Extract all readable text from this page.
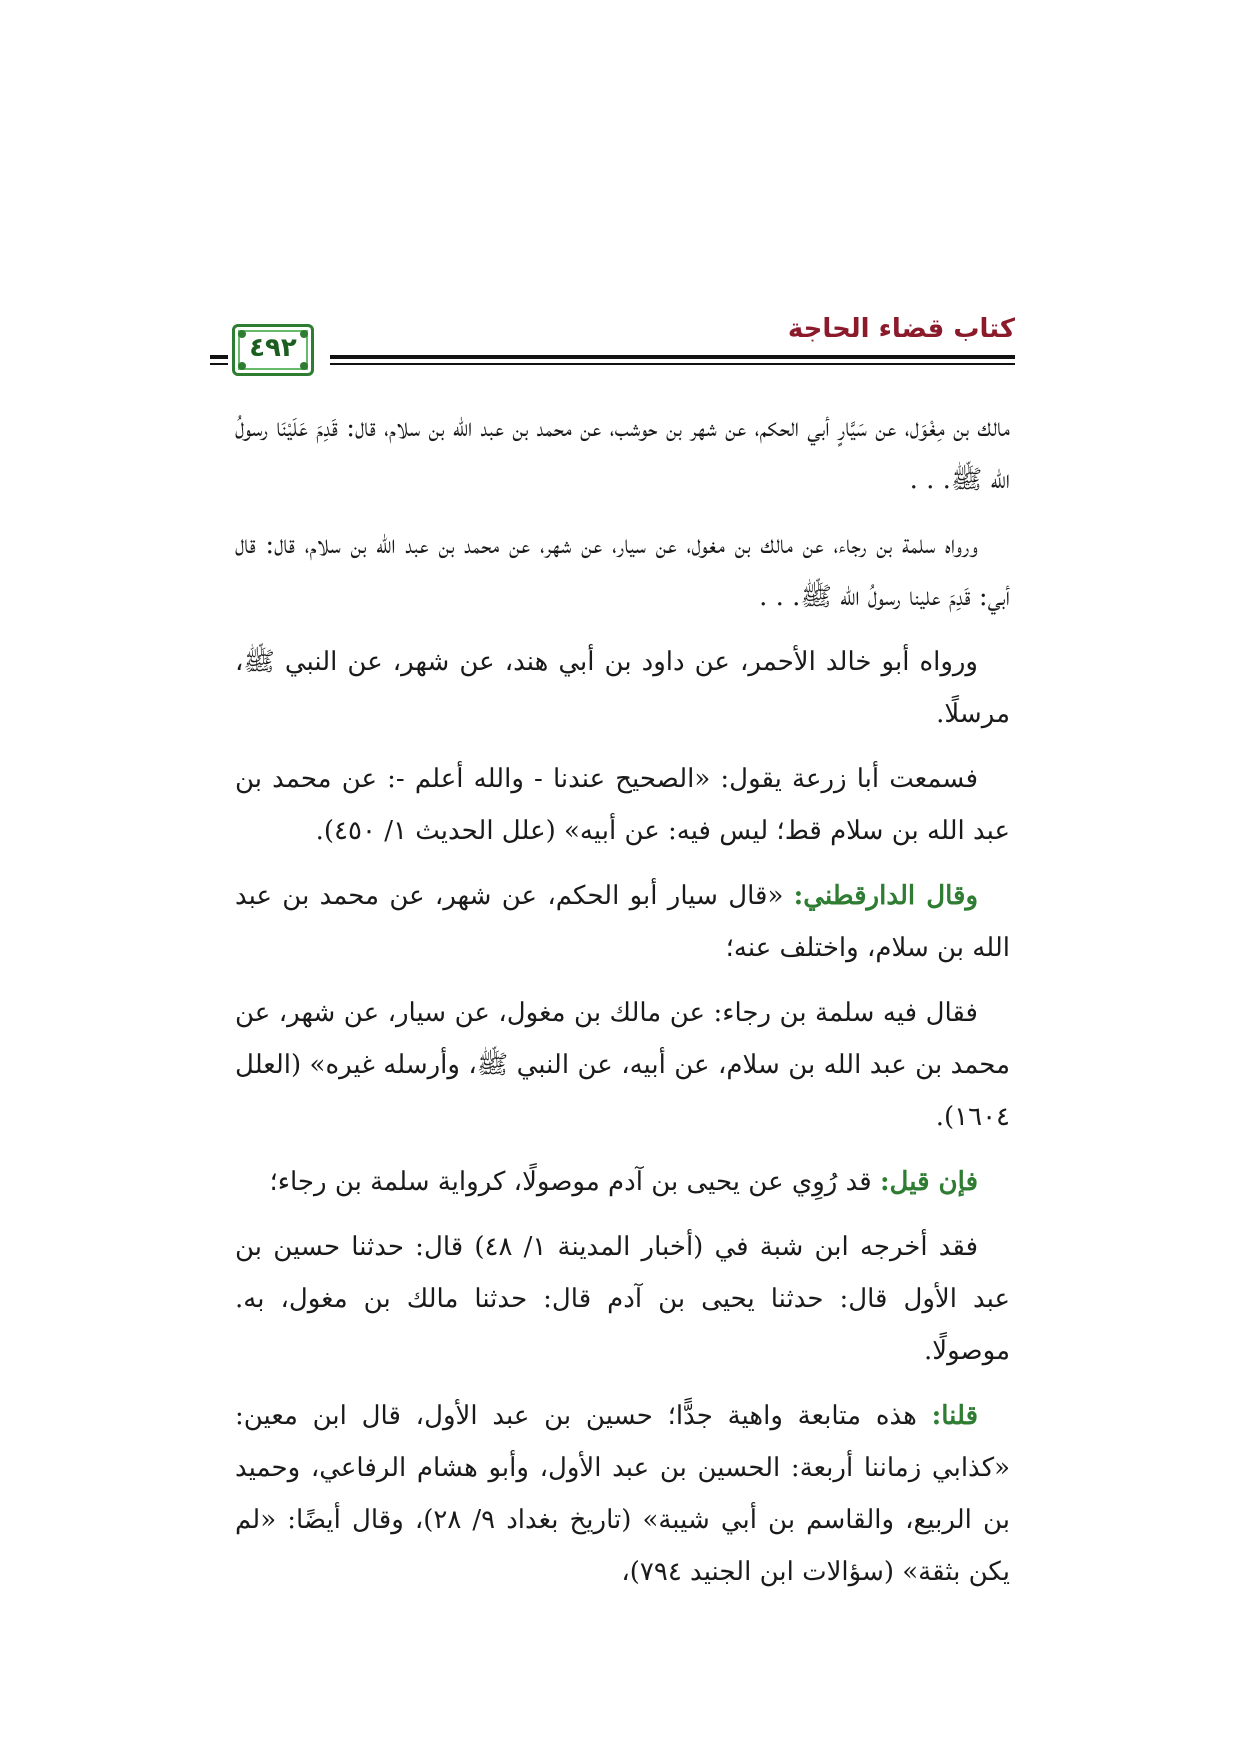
٤٩٢
كتاب قضاء الحاجة

مالك بن مِغْوَل، عن سَيَّارٍ أبي الحكم، عن شهر بن حوشب، عن محمد بن عبد الله بن سلام، قال: قَدِمَ عَلَيْنَا رسولُ الله ﷺ. . .

ورواه سلمة بن رجاء، عن مالك بن مغول، عن سيار، عن شهر، عن محمد بن عبد الله بن سلام، قال: قال أبي: قَدِمَ علينا رسولُ الله ﷺ. . .

ورواه أبو خالد الأحمر، عن داود بن أبي هند، عن شهر، عن النبي ﷺ، مرسلًا.

فسمعت أبا زرعة يقول: «الصحيح عندنا - والله أعلم -: عن محمد بن عبد الله بن سلام قط؛ ليس فيه: عن أبيه» (علل الحديث ١/ ٤٥٠).

وقال الدارقطني: «قال سيار أبو الحكم، عن شهر، عن محمد بن عبد الله بن سلام، واختلف عنه؛

فقال فيه سلمة بن رجاء: عن مالك بن مغول، عن سيار، عن شهر، عن محمد بن عبد الله بن سلام، عن أبيه، عن النبي ﷺ، وأرسله غيره» (العلل ١٦٠٤).

فإن قيل: قد رُوِي عن يحيى بن آدم موصولًا، كرواية سلمة بن رجاء؛

فقد أخرجه ابن شبة في (أخبار المدينة ١/ ٤٨) قال: حدثنا حسين بن عبد الأول قال: حدثنا يحيى بن آدم قال: حدثنا مالك بن مغول، به. موصولًا.

قلنا: هذه متابعة واهية جدًّا؛ حسين بن عبد الأول، قال ابن معين: «كذابي زماننا أربعة: الحسين بن عبد الأول، وأبو هشام الرفاعي، وحميد بن الربيع، والقاسم بن أبي شيبة» (تاريخ بغداد ٩/ ٢٨)، وقال أيضًا: «لم يكن بثقة» (سؤالات ابن الجنيد ٧٩٤)،
